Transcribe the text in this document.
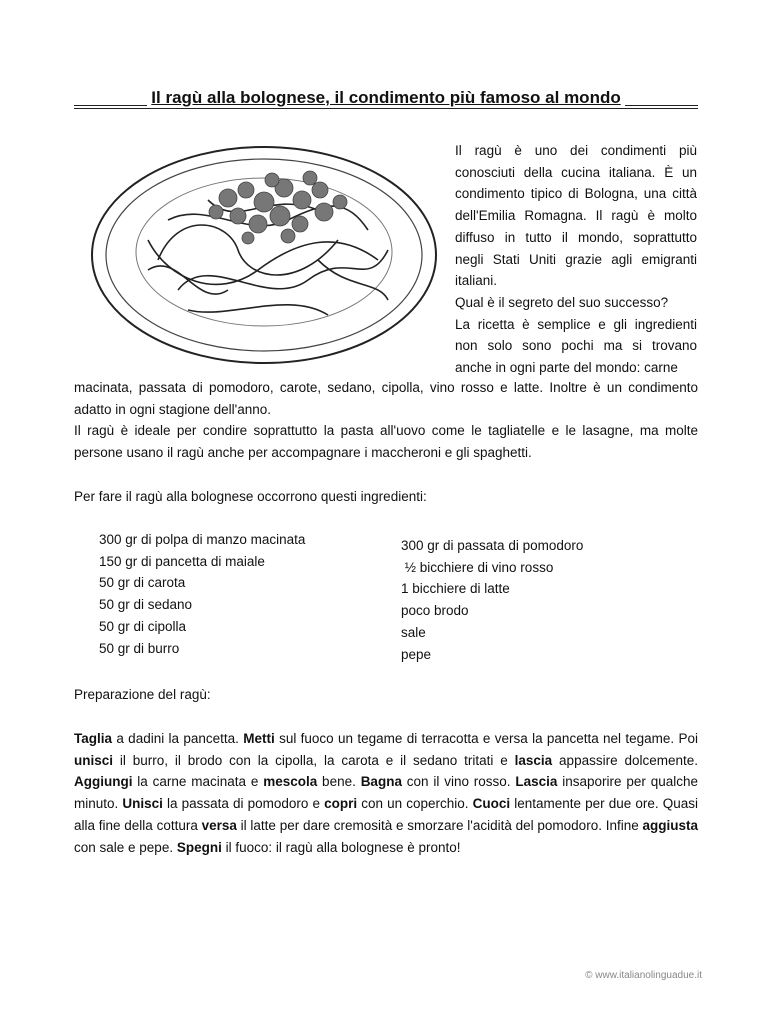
Il ragù alla bolognese, il condimento più famoso al mondo

Il ragù è uno dei condimenti più conosciuti della cucina italiana. È un condimento tipico di Bologna, una città dell'Emilia Romagna. Il ragù è molto diffuso in tutto il mondo, soprattutto negli Stati Uniti grazie agli emigranti italiani.

Qual è il segreto del suo successo?

La ricetta è semplice e gli ingredienti non solo sono pochi ma si trovano anche in ogni parte del mondo: carne

macinata, passata di pomodoro, carote, sedano, cipolla, vino rosso e latte. Inoltre è un condimento adatto in ogni stagione dell'anno.

Il ragù è ideale per condire soprattutto la pasta all'uovo come le tagliatelle e le lasagne, ma molte persone usano il ragù anche per accompagnare i maccheroni e gli spaghetti.

Per fare il ragù alla bolognese occorrono questi ingredienti:
300 gr di polpa di manzo macinata
150 gr di pancetta di maiale
50 gr di carota
50 gr di sedano
50 gr di cipolla
50 gr di burro
300 gr di passata di pomodoro
½ bicchiere di vino rosso
1 bicchiere di latte
poco brodo
sale
pepe
Preparazione del ragù:

Taglia a dadini la pancetta. Metti sul fuoco un tegame di terracotta e versa la pancetta nel tegame. Poi unisci il burro, il brodo con la cipolla, la carota e il sedano tritati e lascia appassire dolcemente. Aggiungi la carne macinata e mescola bene. Bagna con il vino rosso. Lascia insaporire per qualche minuto. Unisci la passata di pomodoro e copri con un coperchio. Cuoci lentamente per due ore. Quasi alla fine della cottura versa il latte per dare cremosità e smorzare l'acidità del pomodoro. Infine aggiusta con sale e pepe. Spegni il fuoco: il ragù alla bolognese è pronto!

© www.italianolinguadue.it
